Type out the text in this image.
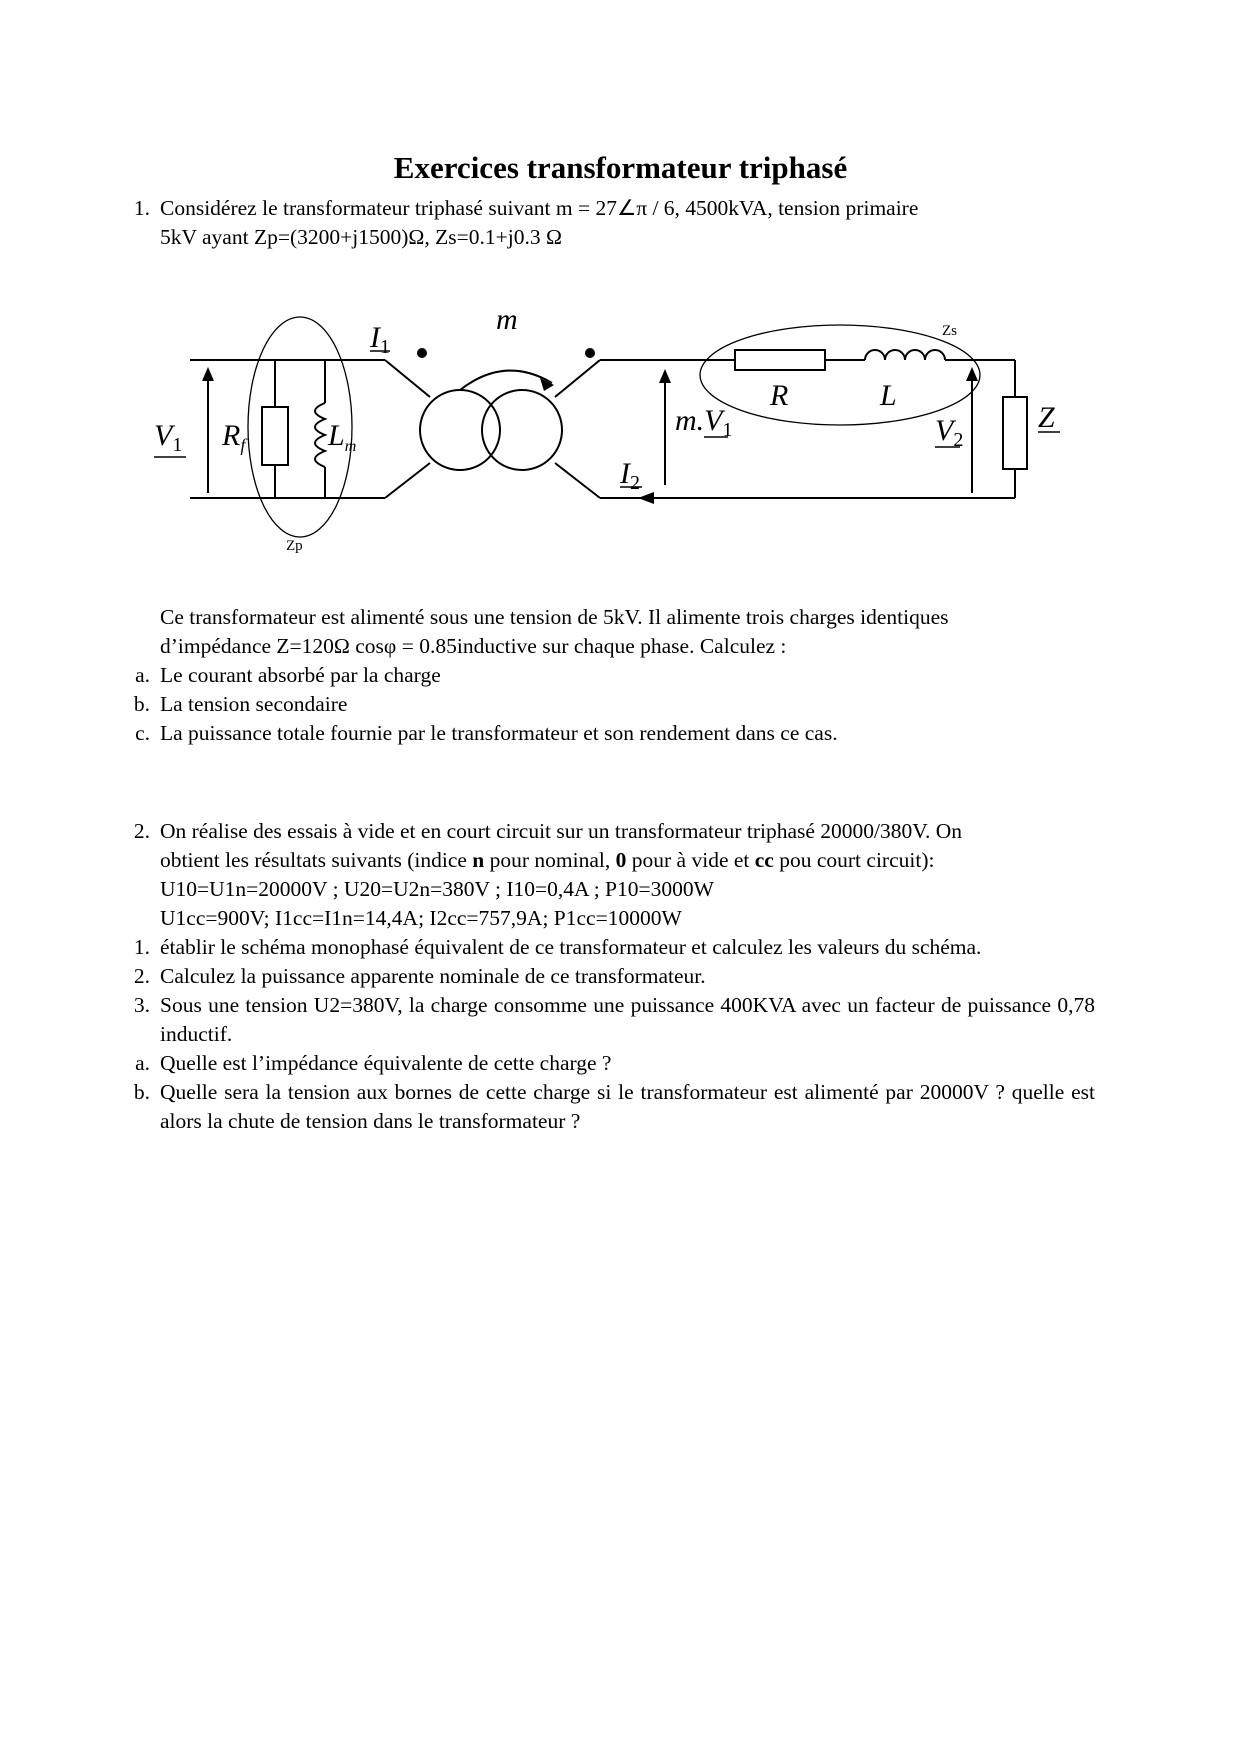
Exercices transformateur triphasé
1. Considérez le transformateur triphasé suivant m = 27∠π / 6, 4500kVA, tension primaire
5kV ayant Zp=(3200+j1500)Ω, Zs=0.1+j0.3 Ω
$I_1$
m
$V_1$ $R_f$	$L_m$
$I_2$
$m.V_1$
R	L
$V_2$
Z
Zp
Zs
Ce transformateur est alimenté sous une tension de 5kV. Il alimente trois charges identiques
d’impédance Z=120Ω cosφ = 0.85inductive sur chaque phase. Calculez :
a. Le courant absorbé par la charge
b. La tension secondaire
c. La puissance totale fournie par le transformateur et son rendement dans ce cas.
2. On réalise des essais à vide et en court circuit sur un transformateur triphasé 20000/380V. On
obtient les résultats suivants (indice n pour nominal, 0 pour à vide et cc pou court circuit):
U10=U1n=20000V ; U20=U2n=380V ; I10=0,4A ; P10=3000W
U1cc=900V; I1cc=I1n=14,4A; I2cc=757,9A; P1cc=10000W
1. établir le schéma monophasé équivalent de ce transformateur et calculez les valeurs du schéma.
2. Calculez la puissance apparente nominale de ce transformateur.
3. Sous une tension U2=380V, la charge consomme une puissance 400KVA avec un facteur de puissance 0,78 inductif.
a. Quelle est l’impédance équivalente de cette charge ?
b. Quelle sera la tension aux bornes de cette charge si le transformateur est alimenté par 20000V ? quelle est alors la chute de tension dans le transformateur ?
